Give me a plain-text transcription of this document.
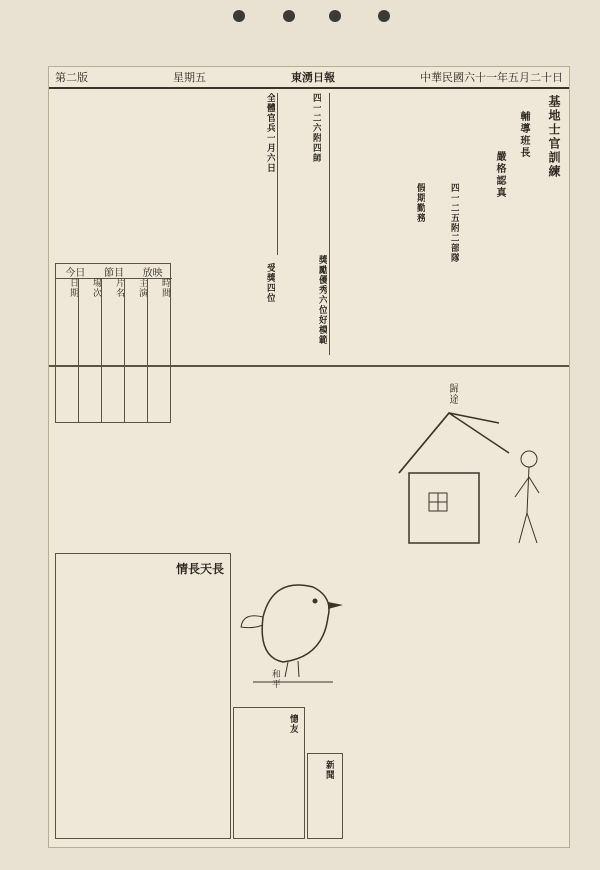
第二版	星期五	東湧日報	中華民國六十一年五月二十日
基地士官訓練
輔導班長
嚴格認真
全體官兵一月六日	四一二六附四師
四一二五附二部隊
假期勤務
獎勵優秀六位好模範
受獎四位
今日 節目 放映
日期	場次	片名	主演	時間
歸途
和平
情長天長
憶友
新聞
